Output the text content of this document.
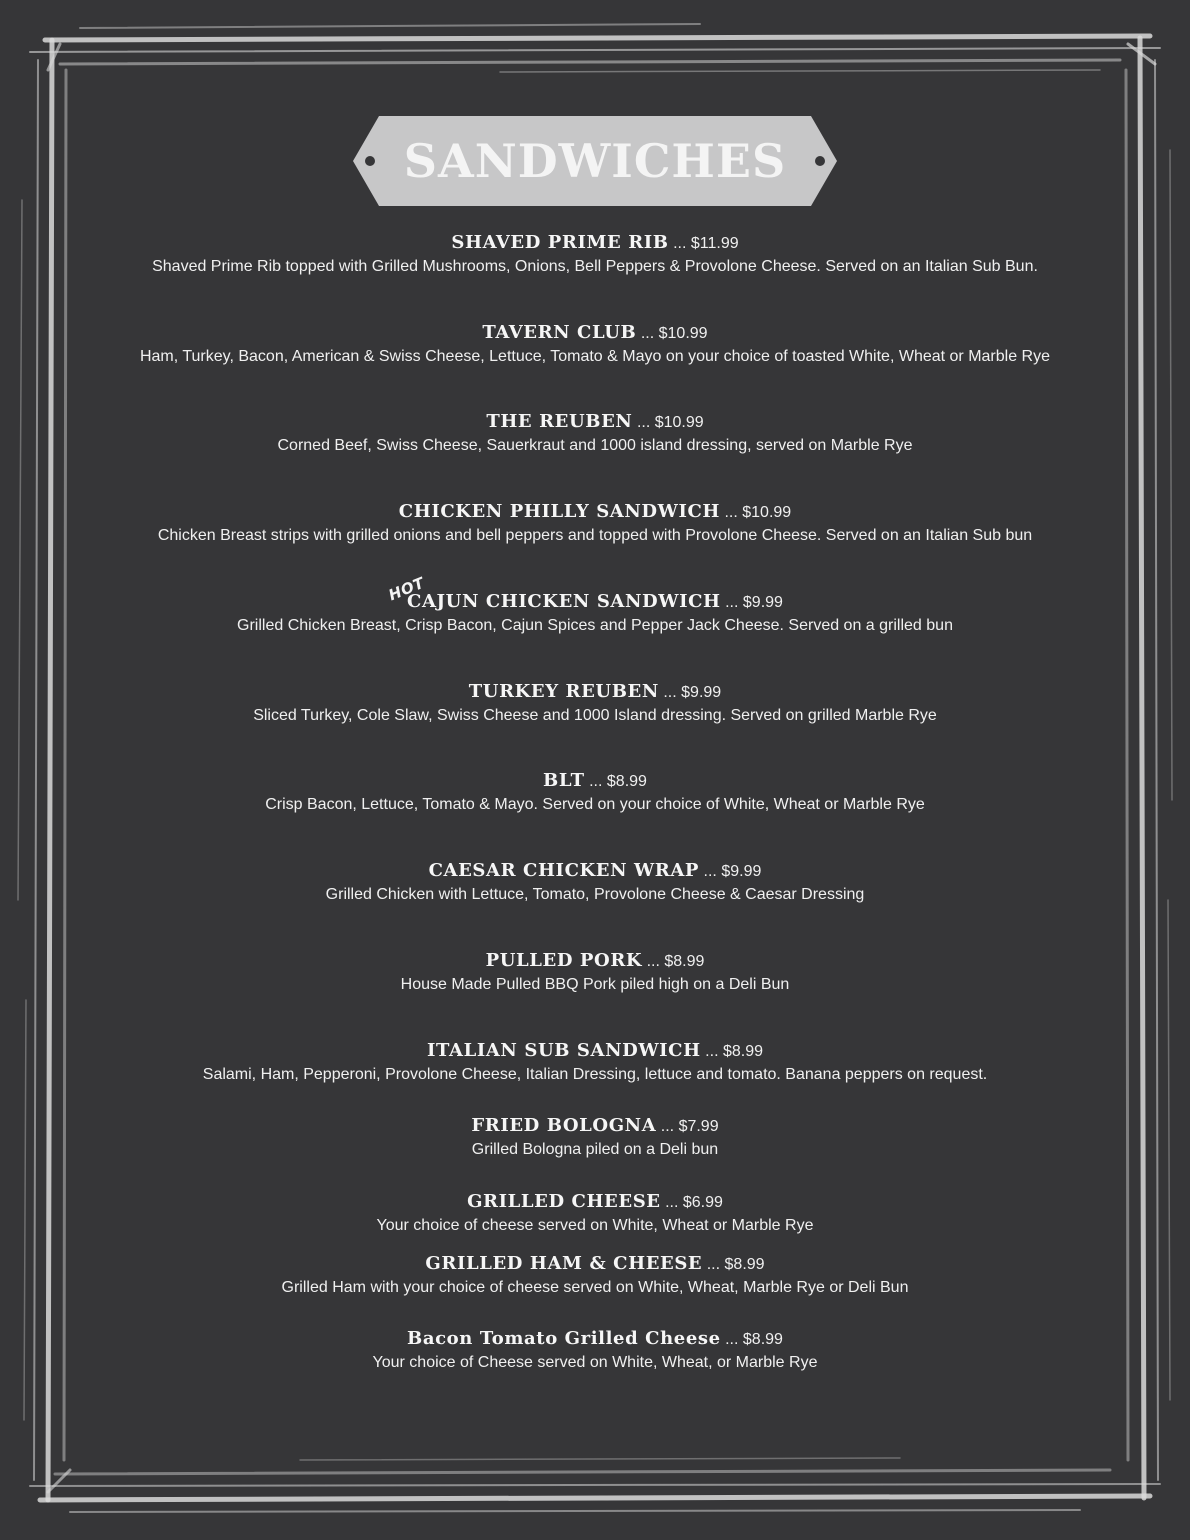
SANDWICHES
HOT
SHAVED PRIME RIB ... $11.99
Shaved Prime Rib topped with Grilled Mushrooms, Onions, Bell Peppers & Provolone Cheese. Served on an Italian Sub Bun.
TAVERN CLUB ... $10.99
Ham, Turkey, Bacon, American & Swiss Cheese, Lettuce, Tomato & Mayo on your choice of toasted White, Wheat or Marble Rye
THE REUBEN ... $10.99
Corned Beef, Swiss Cheese, Sauerkraut and 1000 island dressing, served on Marble Rye
CHICKEN PHILLY SANDWICH ... $10.99
Chicken Breast strips with grilled onions and bell peppers and topped with Provolone Cheese. Served on an Italian Sub bun
CAJUN CHICKEN SANDWICH ... $9.99
Grilled Chicken Breast, Crisp Bacon, Cajun Spices and Pepper Jack Cheese. Served on a grilled bun
TURKEY REUBEN ... $9.99
Sliced Turkey, Cole Slaw, Swiss Cheese and 1000 Island dressing. Served on grilled Marble Rye
BLT ... $8.99
Crisp Bacon, Lettuce, Tomato & Mayo. Served on your choice of White, Wheat or Marble Rye
CAESAR CHICKEN WRAP ... $9.99
Grilled Chicken with Lettuce, Tomato, Provolone Cheese & Caesar Dressing
PULLED PORK ... $8.99
House Made Pulled BBQ Pork piled high on a Deli Bun
ITALIAN SUB SANDWICH ... $8.99
Salami, Ham, Pepperoni, Provolone Cheese, Italian Dressing, lettuce and tomato. Banana peppers on request.
FRIED BOLOGNA ... $7.99
Grilled Bologna piled on a Deli bun
GRILLED CHEESE ... $6.99
Your choice of cheese served on White, Wheat or Marble Rye
GRILLED HAM & CHEESE ... $8.99
Grilled Ham with your choice of cheese served on White, Wheat, Marble Rye or Deli Bun
Bacon Tomato Grilled Cheese ... $8.99
Your choice of Cheese served on White, Wheat, or Marble Rye
